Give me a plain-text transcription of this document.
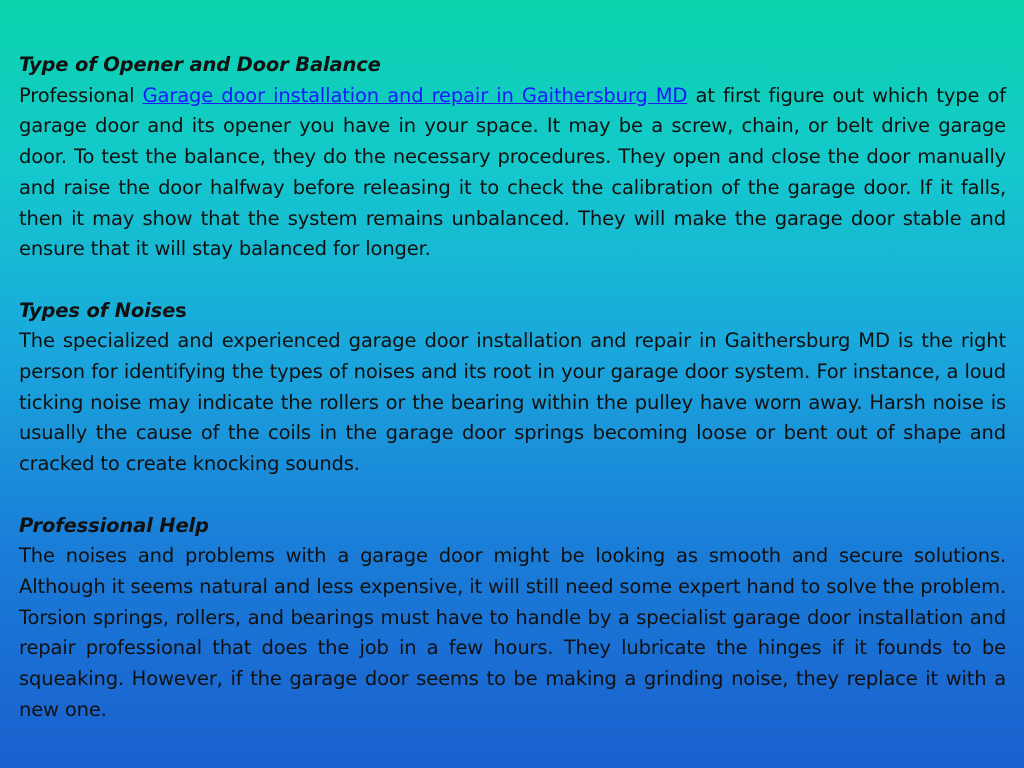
Type of Opener and Door Balance

Professional Garage door installation and repair in Gaithersburg MD at first figure out which type of garage door and its opener you have in your space. It may be a screw, chain, or belt drive garage door. To test the balance, they do the necessary procedures. They open and close the door manually and raise the door halfway before releasing it to check the calibration of the garage door. If it falls, then it may show that the system remains unbalanced. They will make the garage door stable and ensure that it will stay balanced for longer.

Types of Noises

The specialized and experienced garage door installation and repair in Gaithersburg MD is the right person for identifying the types of noises and its root in your garage door system. For instance, a loud ticking noise may indicate the rollers or the bearing within the pulley have worn away. Harsh noise is usually the cause of the coils in the garage door springs becoming loose or bent out of shape and cracked to create knocking sounds.

Professional Help

The noises and problems with a garage door might be looking as smooth and secure solutions. Although it seems natural and less expensive, it will still need some expert hand to solve the problem. Torsion springs, rollers, and bearings must have to handle by a specialist garage door installation and repair professional that does the job in a few hours. They lubricate the hinges if it founds to be squeaking. However, if the garage door seems to be making a grinding noise, they replace it with a new one.
